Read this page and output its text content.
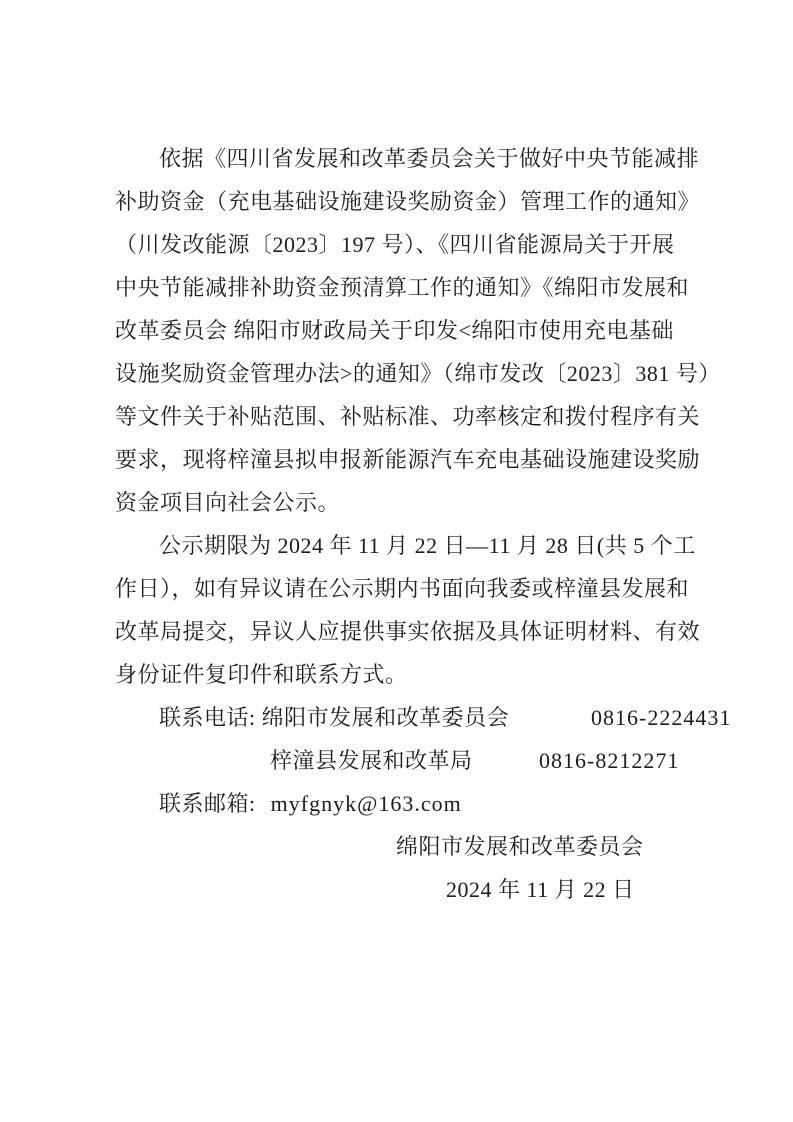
依据《四川省发展和改革委员会关于做好中央节能减排
补助资金（充电基础设施建设奖励资金）管理工作的通知》
（川发改能源〔2023〕197 号）、《四川省能源局关于开展
中央节能减排补助资金预清算工作的通知》《绵阳市发展和
改革委员会 绵阳市财政局关于印发<绵阳市使用充电基础
设施奖励资金管理办法>的通知》（绵市发改〔2023〕381 号）
等文件关于补贴范围、补贴标准、功率核定和拨付程序有关
要求，现将梓潼县拟申报新能源汽车充电基础设施建设奖励
资金项目向社会公示。
公示期限为 2024 年 11 月 22 日—11 月 28 日(共 5 个工
作日），如有异议请在公示期内书面向我委或梓潼县发展和
改革局提交，异议人应提供事实依据及具体证明材料、有效
身份证件复印件和联系方式。
联系电话: 绵阳市发展和改革委员会	0816-2224431
梓潼县发展和改革局	0816-8212271
联系邮箱: myfgnyk@163.com
绵阳市发展和改革委员会
2024 年 11 月 22 日
